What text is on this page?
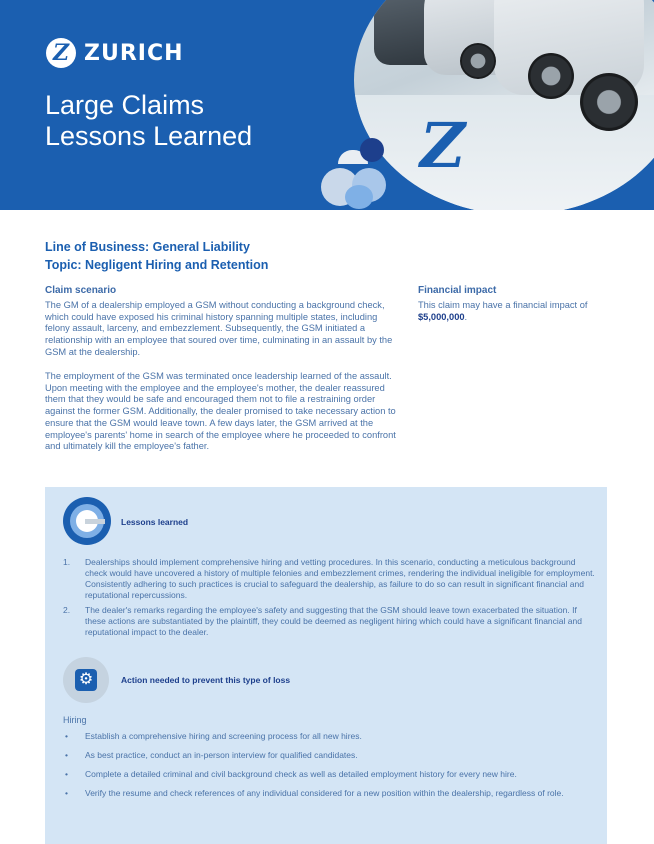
Z ZURICH
Large Claims
Lessons Learned	Z
Line of Business: General Liability
Topic: Negligent Hiring and Retention
Claim scenario

The GM of a dealership employed a GSM without conducting a background check, which could have exposed his criminal history spanning multiple states, including felony assault, larceny, and embezzlement. Subsequently, the GSM initiated a relationship with an employee that soured over time, culminating in an assault by the GSM at the dealership.

The employment of the GSM was terminated once leadership learned of the assault. Upon meeting with the employee and the employee's mother, the dealer reassured them that they would be safe and encouraged them not to file a restraining order against the former GSM. Additionally, the dealer promised to take necessary action to ensure that the GSM would leave town. A few days later, the GSM arrived at the employee's parents' home in search of the employee where he proceeded to confront and ultimately kill the employee's father.

Financial impact

This claim may have a financial impact of $5,000,000.

Lessons learned
1. Dealerships should implement comprehensive hiring and vetting procedures. In this scenario, conducting a meticulous background check would have uncovered a history of multiple felonies and embezzlement crimes, rendering the individual ineligible for employment. Consistently adhering to such practices is crucial to safeguard the dealership, as failure to do so can result in significant financial and reputational repercussions.
2. The dealer's remarks regarding the employee's safety and suggesting that the GSM should leave town exacerbated the situation. If these actions are substantiated by the plaintiff, they could be deemed as negligent hiring which could have a significant financial and reputational impact to the dealer.
⚙	Action needed to prevent this type of loss
Hiring
• Establish a comprehensive hiring and screening process for all new hires.
• As best practice, conduct an in-person interview for qualified candidates.
• Complete a detailed criminal and civil background check as well as detailed employment history for every new hire.
• Verify the resume and check references of any individual considered for a new position within the dealership, regardless of role.
